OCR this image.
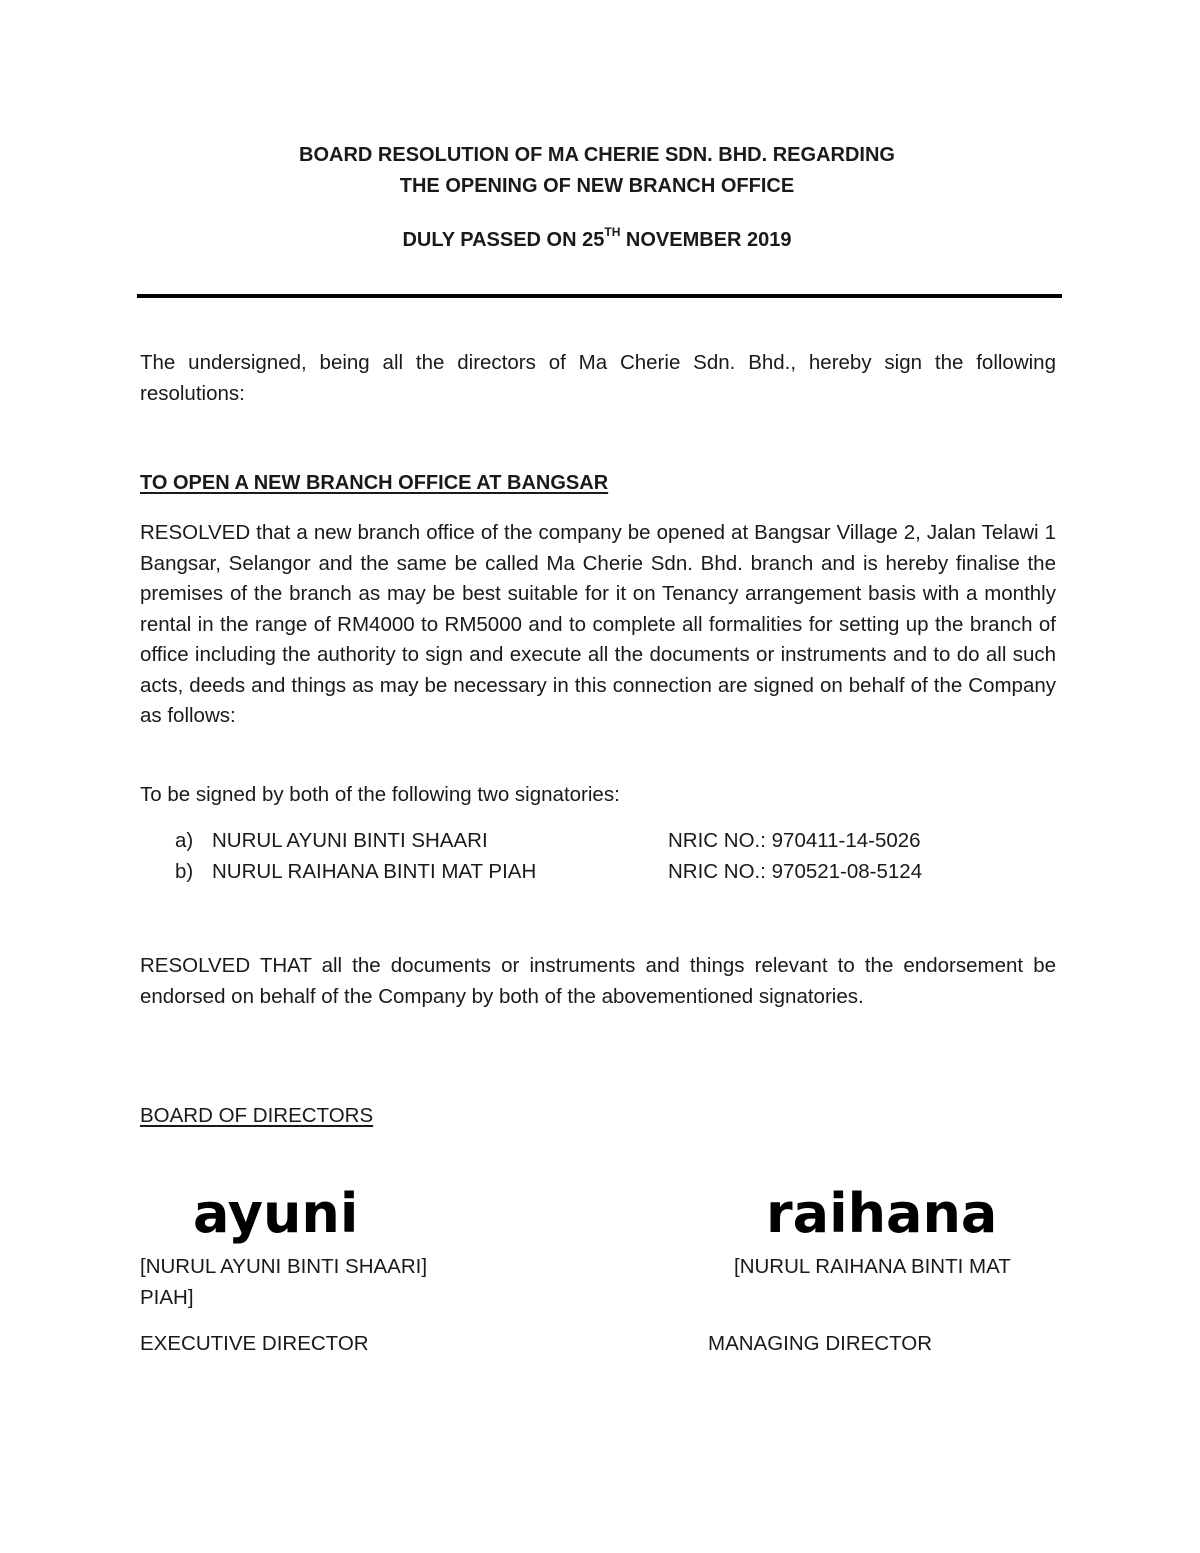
BOARD RESOLUTION OF MA CHERIE SDN. BHD. REGARDING
THE OPENING OF NEW BRANCH OFFICE
DULY PASSED ON 25TH NOVEMBER 2019
The undersigned, being all the directors of Ma Cherie Sdn. Bhd., hereby sign the following resolutions:
TO OPEN A NEW BRANCH OFFICE AT BANGSAR
RESOLVED that a new branch office of the company be opened at Bangsar Village 2, Jalan Telawi 1 Bangsar, Selangor and the same be called Ma Cherie Sdn. Bhd. branch and is hereby finalise the premises of the branch as may be best suitable for it on Tenancy arrangement basis with a monthly rental in the range of RM4000 to RM5000 and to complete all formalities for setting up the branch of office including the authority to sign and execute all the documents or instruments and to do all such acts, deeds and things as may be necessary in this connection are signed on behalf of the Company as follows:
To be signed by both of the following two signatories:
a) NURUL AYUNI BINTI SHAARI	NRIC NO.: 970411-14-5026
b) NURUL RAIHANA BINTI MAT PIAH	NRIC NO.: 970521-08-5124
RESOLVED THAT all the documents or instruments and things relevant to the endorsement be endorsed on behalf of the Company by both of the abovementioned signatories.
BOARD OF DIRECTORS
ayuni	raihana
[NURUL AYUNI BINTI SHAARI]	[NURUL RAIHANA BINTI MAT
PIAH]
EXECUTIVE DIRECTOR	MANAGING DIRECTOR
